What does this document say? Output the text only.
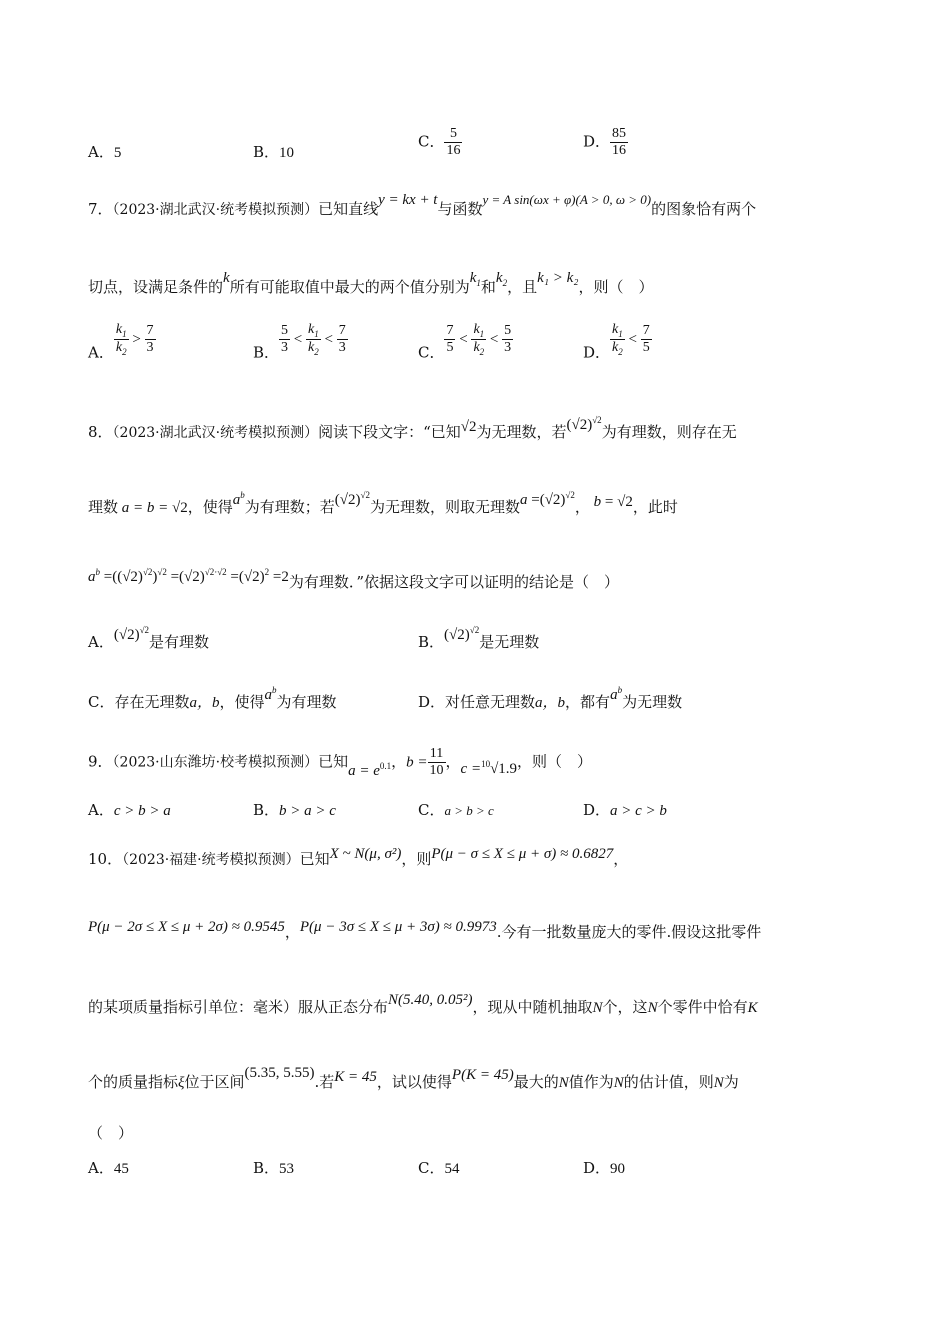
A．5	B．10
C． $\frac{5}{16}$	D． $\frac{85}{16}$
7．（2023·湖北武汉·统考模拟预测）已知直线y = kx + t与函数y = A sin(ωx + φ)(A > 0, ω > 0)的图象恰有两个
切点，设满足条件的k所有可能取值中最大的两个值分别为$k_1$和$k_2$，且k₁ > k₂，则（　）
A． $\frac{k_1}{k_2} > \frac{7}{3}$	B． $\frac{5}{3} < \frac{k_1}{k_2} < \frac{7}{3}$	C． $\frac{7}{5} < \frac{k_1}{k_2} < \frac{5}{3}$	D． $\frac{k_1}{k_2} < \frac{7}{5}$
8．（2023·湖北武汉·统考模拟预测）阅读下段文字：“已知√2为无理数，若$(√2)^{√2}$为有理数，则存在无
理数 a = b = √2，使得$a^b$为有理数；若$(√2)^{√2}$为无理数，则取无理数$a =(√2)^{√2}$， b = √2，此时
$a^b =((√2)^{√2})^{√2} =(√2)^{√2\cdot√2} =(√2)^2 =2$为有理数．”依据这段文字可以证明的结论是（　）
A．$(√2)^{√2}$是有理数	B．$(√2)^{√2}$是无理数
C．存在无理数a，b，使得$a^b$为有理数	D．对任意无理数a，b，都有$a^b$为无理数
9．（2023·山东潍坊·校考模拟预测）已知$a = e^{0.1}$，$b = \frac{11}{10}$ ，c =$^{10}$√1.9，则（　）
A．c > b > a	B．b > a > c	C．a > b > c	D．a > c > b
10．（2023·福建·统考模拟预测）已知X ~ N(μ, σ²)，则P(μ − σ ≤ X ≤ μ + σ) ≈ 0.6827，
P(μ − 2σ ≤ X ≤ μ + 2σ) ≈ 0.9545，P(μ − 3σ ≤ X ≤ μ + 3σ) ≈ 0.9973.今有一批数量庞大的零件.假设这批零件
的某项质量指标引单位：毫米）服从正态分布N(5.40, 0.05²)，现从中随机抽取N个，这N个零件中恰有K
个的质量指标ξ位于区间(5.35, 5.55).若K = 45，试以使得P(K = 45)最大的N值作为N的估计值，则N为
（　）
A．45	B．53	C．54	D．90
